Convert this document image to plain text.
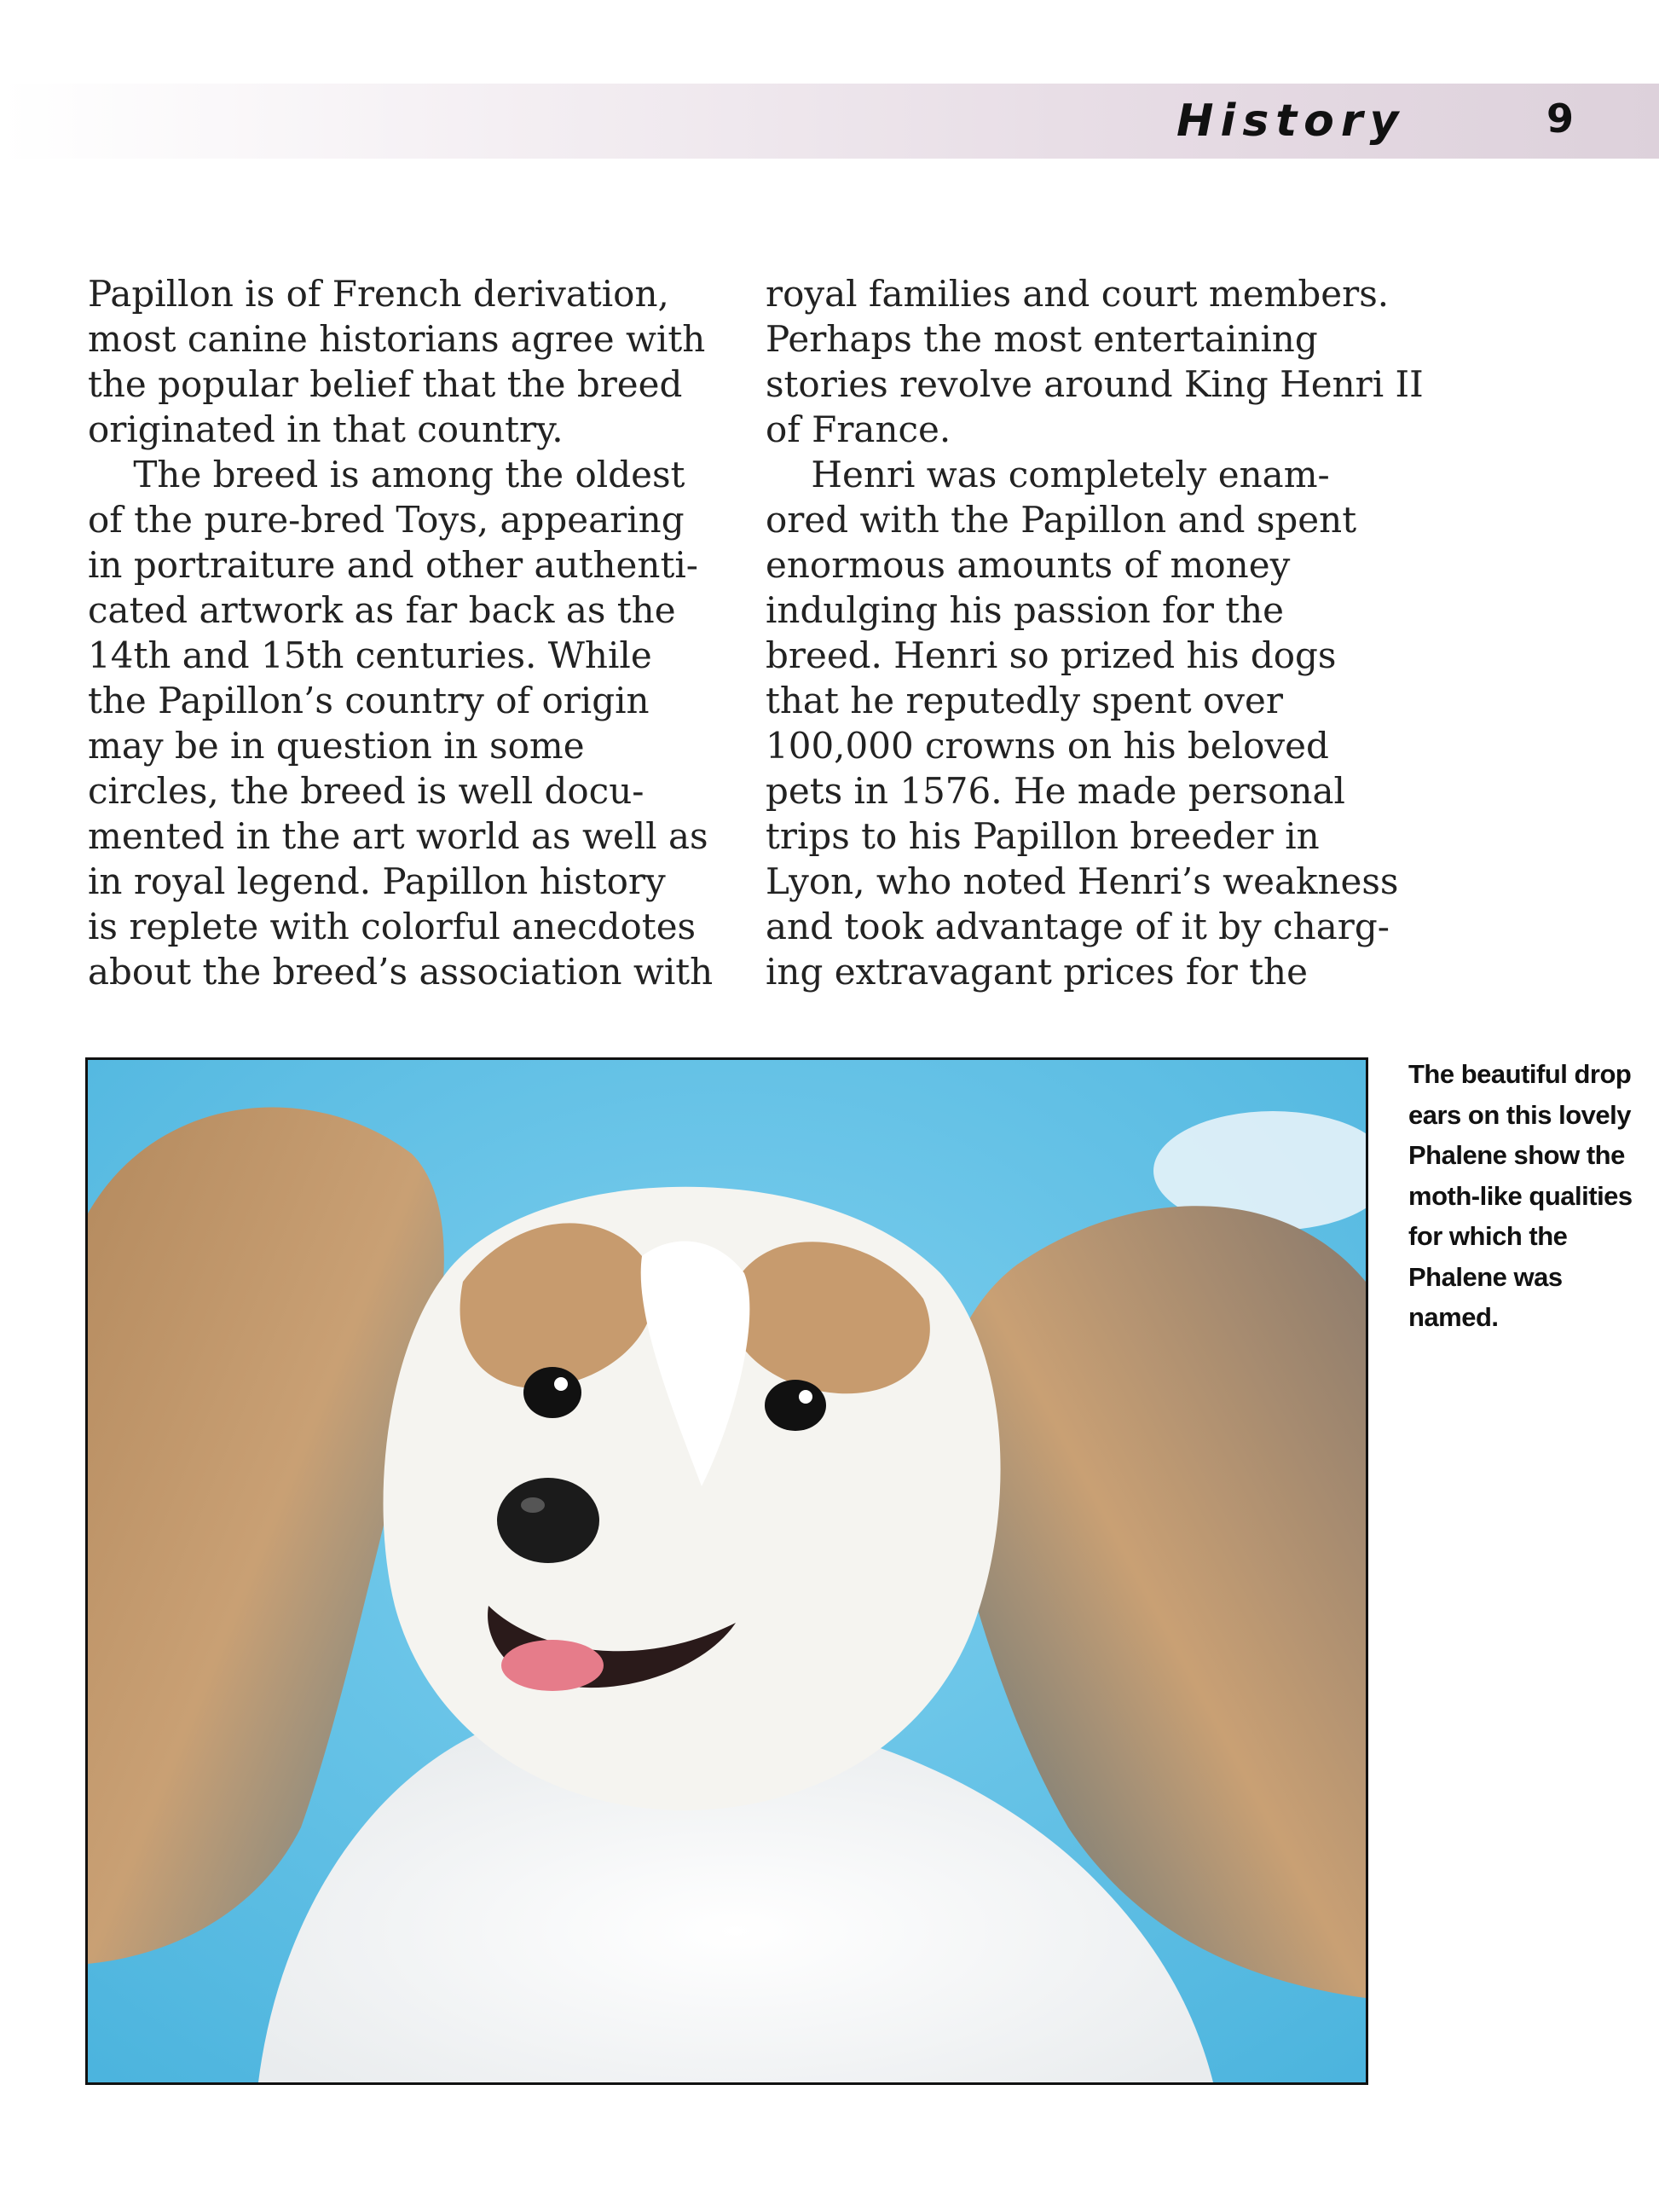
History	9
Papillon is of French derivation,
most canine historians agree with
the popular belief that the breed
originated in that country.
The breed is among the oldest
of the pure-bred Toys, appearing
in portraiture and other authenti-
cated artwork as far back as the
14th and 15th centuries. While
the Papillon’s country of origin
may be in question in some
circles, the breed is well docu-
mented in the art world as well as
in royal legend. Papillon history
is replete with colorful anecdotes
about the breed’s association with
royal families and court members.
Perhaps the most entertaining
stories revolve around King Henri II
of France.
Henri was completely enam-
ored with the Papillon and spent
enormous amounts of money
indulging his passion for the
breed. Henri so prized his dogs
that he reputedly spent over
100,000 crowns on his beloved
pets in 1576. He made personal
trips to his Papillon breeder in
Lyon, who noted Henri’s weakness
and took advantage of it by charg-
ing extravagant prices for the
The beautiful drop
ears on this lovely
Phalene show the
moth-like qualities
for which the
Phalene was
named.
